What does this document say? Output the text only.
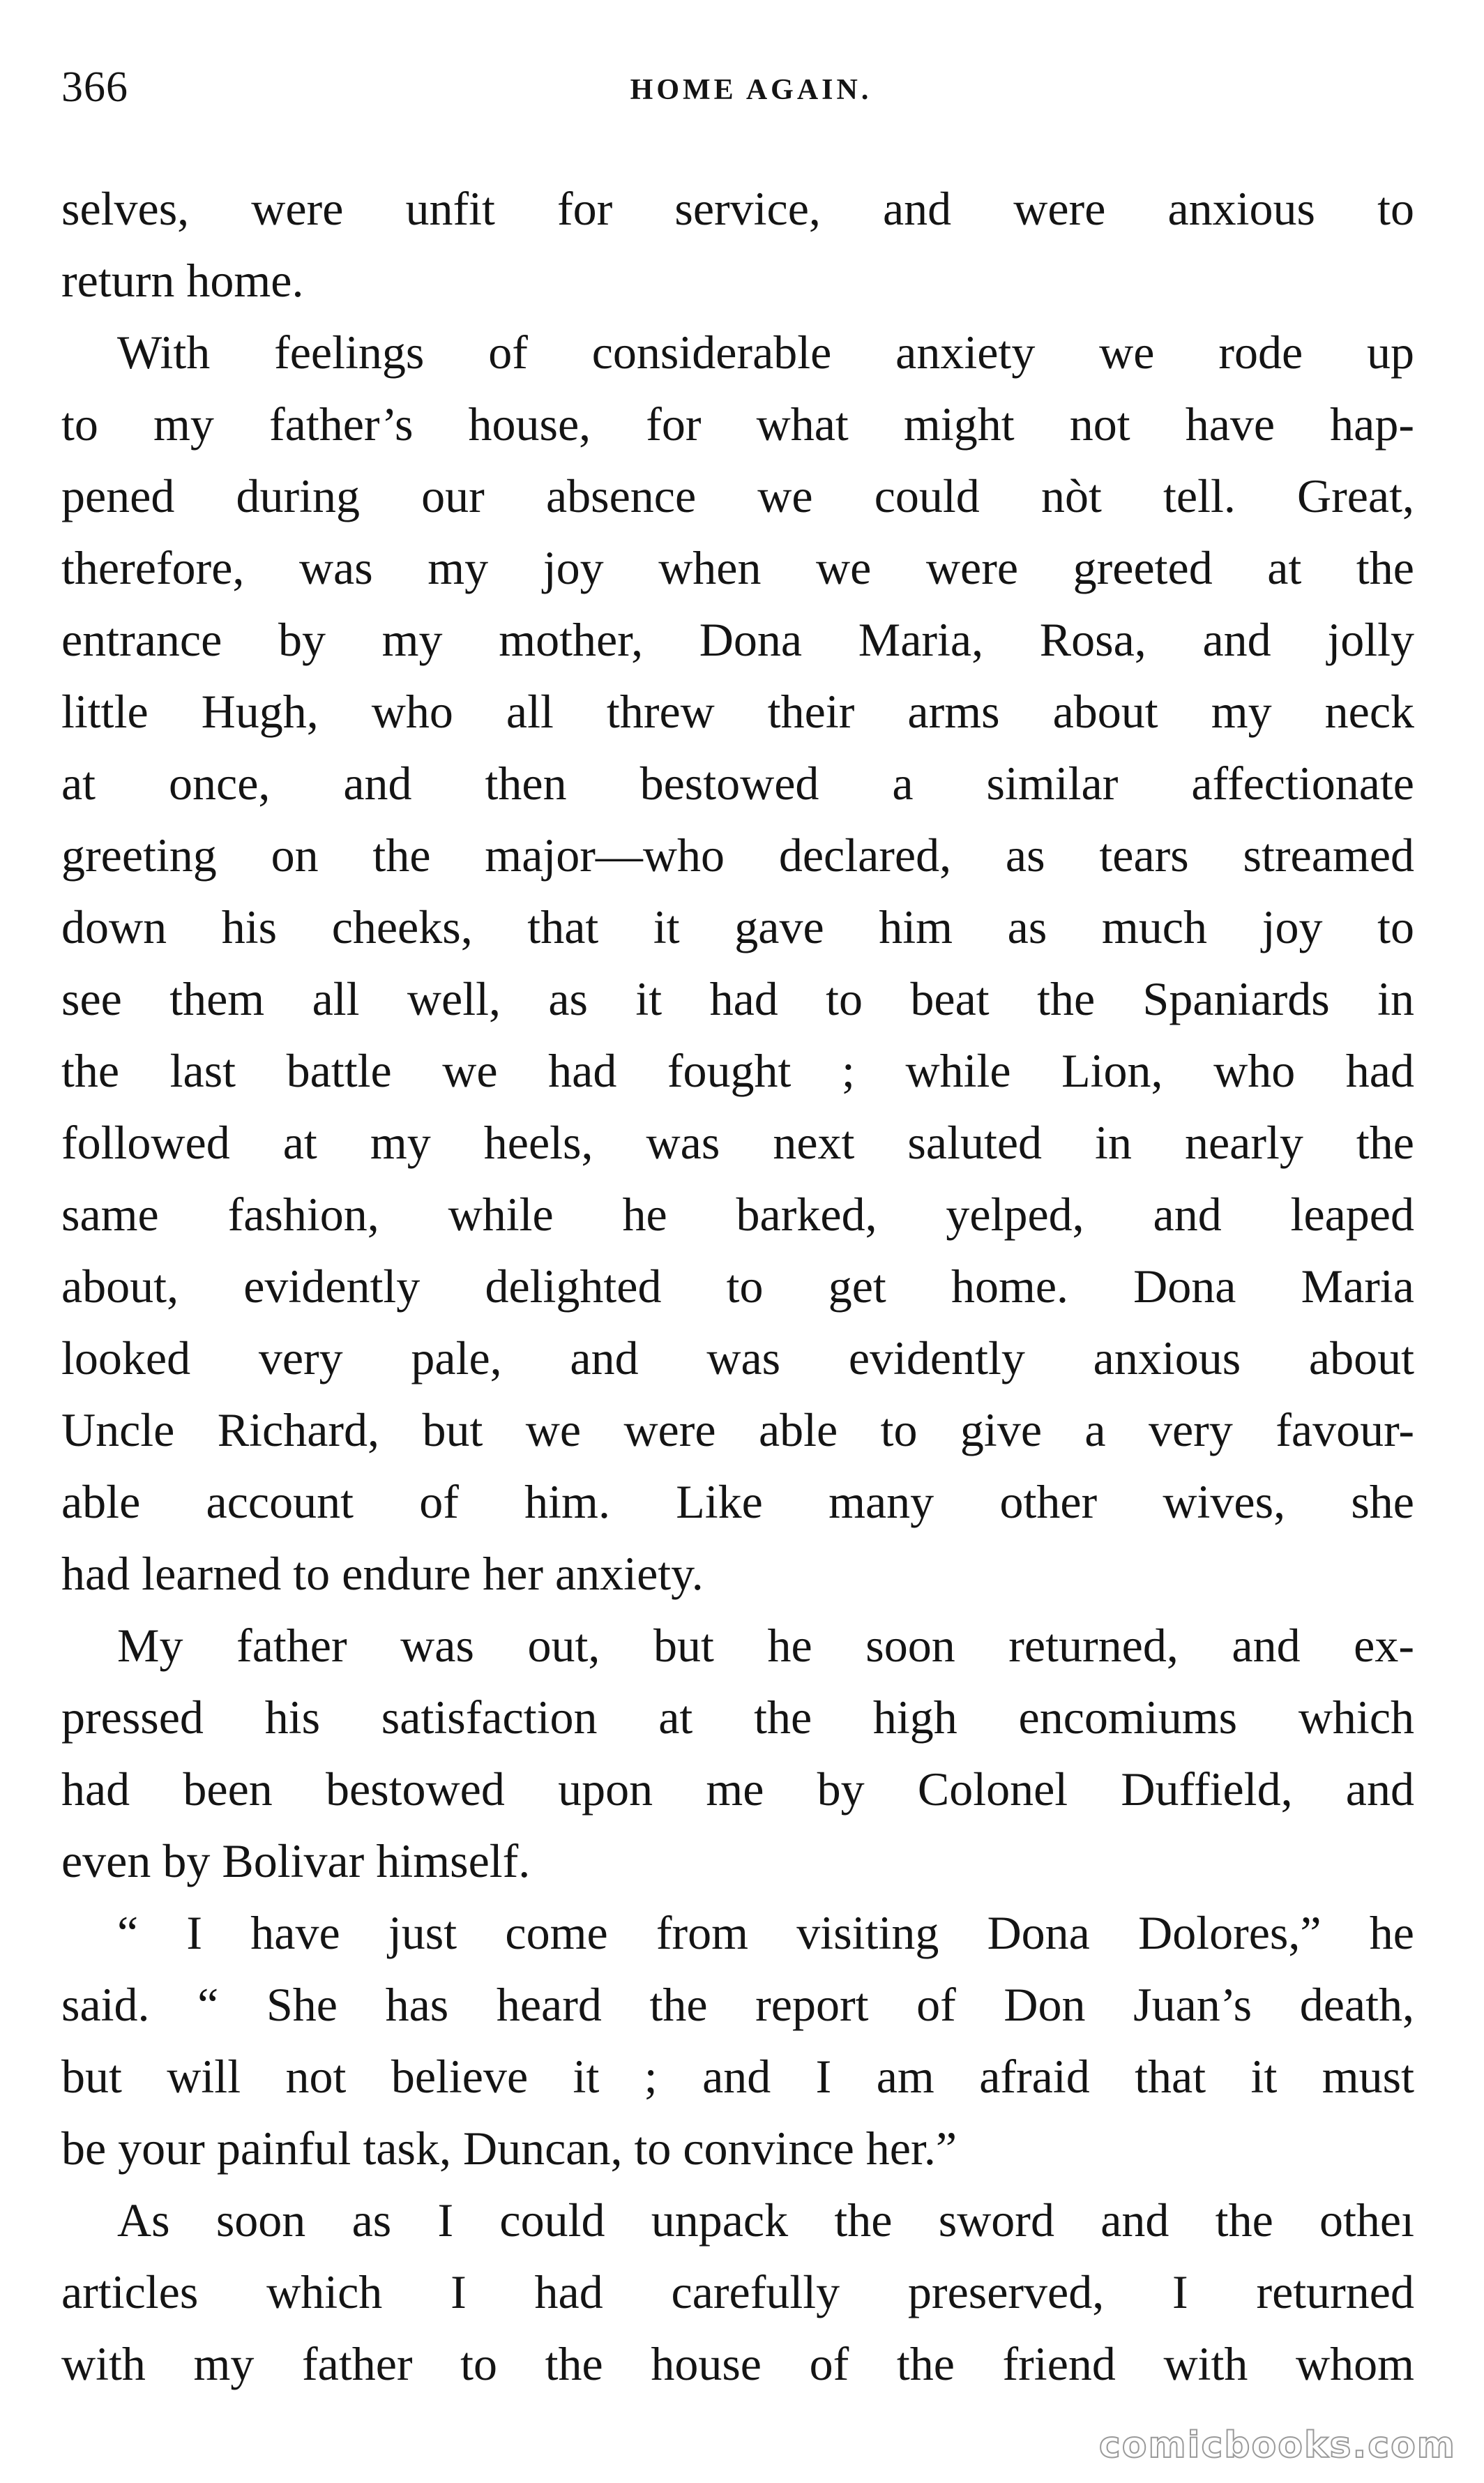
366	HOME AGAIN.
selves, were unfit for service, and were anxious to
return home.
With feelings of considerable anxiety we rode up
to my father’s house, for what might not have hap-
pened during our absence we could nòt tell. Great,
therefore, was my joy when we were greeted at the
entrance by my mother, Dona Maria, Rosa, and jolly
little Hugh, who all threw their arms about my neck
at once, and then bestowed a similar affectionate
greeting on the major—who declared, as tears streamed
down his cheeks, that it gave him as much joy to
see them all well, as it had to beat the Spaniards in
the last battle we had fought ; while Lion, who had
followed at my heels, was next saluted in nearly the
same fashion, while he barked, yelped, and leaped
about, evidently delighted to get home. Dona Maria
looked very pale, and was evidently anxious about
Uncle Richard, but we were able to give a very favour-
able account of him. Like many other wives, she
had learned to endure her anxiety.
My father was out, but he soon returned, and ex-
pressed his satisfaction at the high encomiums which
had been bestowed upon me by Colonel Duffield, and
even by Bolivar himself.
“ I have just come from visiting Dona Dolores,” he
said. “ She has heard the report of Don Juan’s death,
but will not believe it ; and I am afraid that it must
be your painful task, Duncan, to convince her.”
As soon as I could unpack the sword and the otheı
articles which I had carefully preserved, I returned
with my father to the house of the friend with whom
comicbooks.com
